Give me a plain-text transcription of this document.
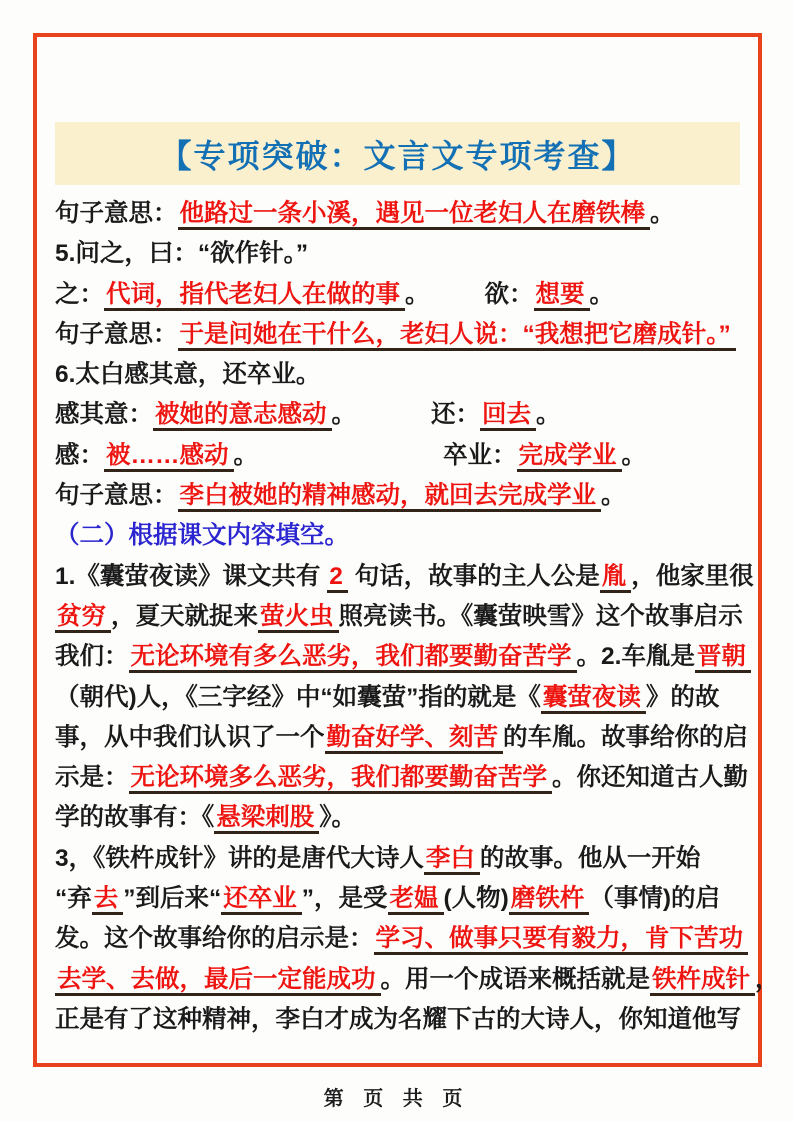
【专项突破：文言文专项考查】
句子意思：他路过一条小溪，遇见一位老妇人在磨铁棒 。
5.问之，曰：“欲作针。”
之：代词，指代老妇人在做的事 。 欲：想要 。
句子意思：于是问她在干什么，老妇人说：“我想把它磨成针。”
6.太白感其意，还卒业。
感其意：被她的意志感动 。	还：回去 。
感：被……感动 。	卒业：完成学业 。
句子意思：李白被她的精神感动，就回去完成学业 。
（二）根据课文内容填空。
1.《囊萤夜读》课文共有 2 句话，故事的主人公是胤 ，他家里很
贫穷 ，夏天就捉来萤火虫 照亮读书。《囊萤映雪》这个故事启示
我们：无论环境有多么恶劣，我们都要勤奋苦学 。2.车胤是晋朝
（朝代)人，《三字经》中“如囊萤”指的就是《囊萤夜读 》的故
事，从中我们认识了一个勤奋好学、刻苦 的车胤。故事给你的启
示是：无论环境多么恶劣，我们都要勤奋苦学 。你还知道古人勤
学的故事有：《悬梁刺股 》。
3，《铁杵成针》讲的是唐代大诗人李白 的故事。他从一开始
“弃去 ”到后来“还卒业 ”，是受老媪 (人物)磨铁杵 （事情)的启
发。这个故事给你的启示是：学习、做事只要有毅力，肯下苦功
去学、去做，最后一定能成功 。用一个成语来概括就是铁杵成针 ，
正是有了这种精神，李白才成为名耀下古的大诗人，你知道他写
第 页 共 页
